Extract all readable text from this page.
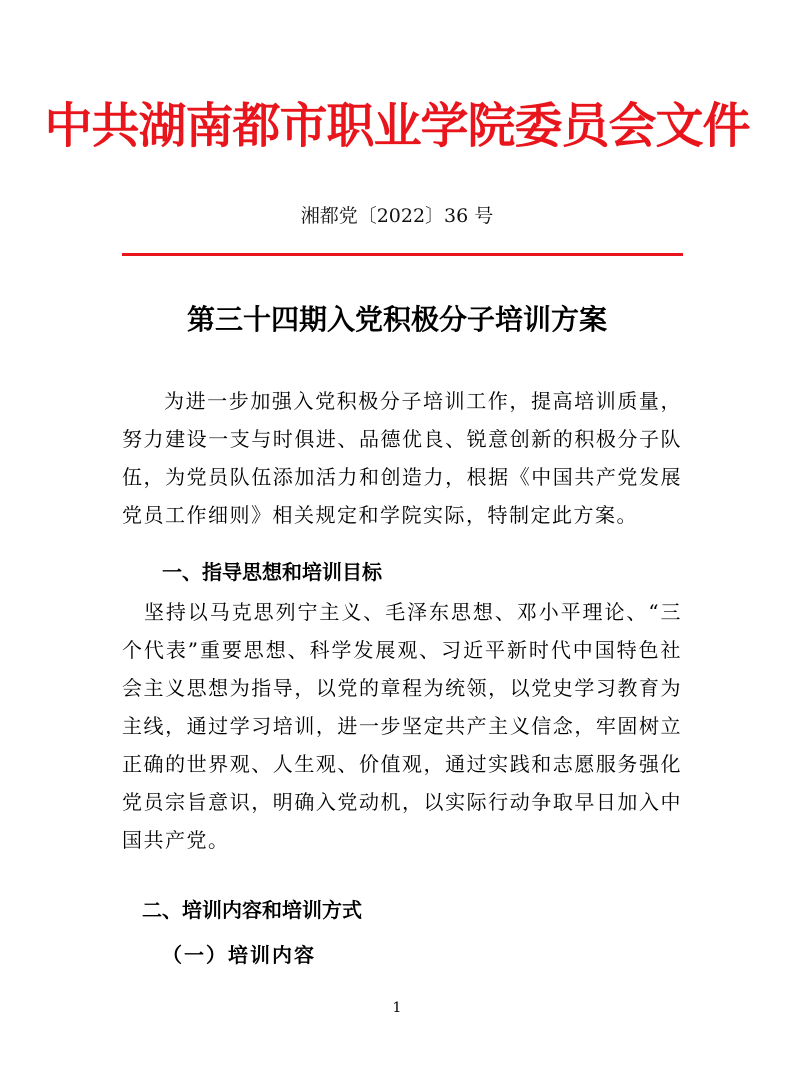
中共湖南都市职业学院委员会文件
湘都党〔2022〕36 号
第三十四期入党积极分子培训方案
为进一步加强入党积极分子培训工作，提高培训质量，努力建设一支与时俱进、品德优良、锐意创新的积极分子队伍，为党员队伍添加活力和创造力，根据《中国共产党发展党员工作细则》相关规定和学院实际，特制定此方案。
一、指导思想和培训目标
坚持以马克思列宁主义、毛泽东思想、邓小平理论、“三个代表”重要思想、科学发展观、习近平新时代中国特色社会主义思想为指导，以党的章程为统领，以党史学习教育为主线，通过学习培训，进一步坚定共产主义信念，牢固树立正确的世界观、人生观、价值观，通过实践和志愿服务强化党员宗旨意识，明确入党动机，以实际行动争取早日加入中国共产党。
二、培训内容和培训方式
（一）培训内容
1
